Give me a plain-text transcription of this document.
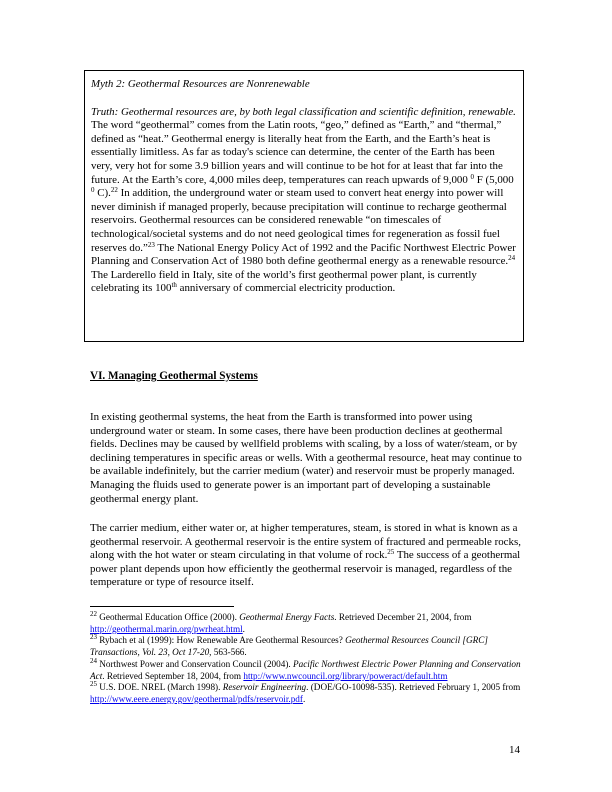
Myth 2: Geothermal Resources are Nonrenewable

Truth: Geothermal resources are, by both legal classification and scientific definition, renewable. The word “geothermal” comes from the Latin roots, “geo,” defined as “Earth,” and “thermal,” defined as “heat.” Geothermal energy is literally heat from the Earth, and the Earth’s heat is essentially limitless. As far as today's science can determine, the center of the Earth has been very, very hot for some 3.9 billion years and will continue to be hot for at least that far into the future. At the Earth’s core, 4,000 miles deep, temperatures can reach upwards of 9,000 $^0$ F (5,000 $^0$ C).$^{22}$ In addition, the underground water or steam used to convert heat energy into power will never diminish if managed properly, because precipitation will continue to recharge geothermal reservoirs. Geothermal resources can be considered renewable “on timescales of technological/societal systems and do not need geological times for regeneration as fossil fuel reserves do.”$^{23}$ The National Energy Policy Act of 1992 and the Pacific Northwest Electric Power Planning and Conservation Act of 1980 both define geothermal energy as a renewable resource.$^{24}$ The Larderello field in Italy, site of the world’s first geothermal power plant, is currently celebrating its 100th anniversary of commercial electricity production.

VI. Managing Geothermal Systems

In existing geothermal systems, the heat from the Earth is transformed into power using underground water or steam. In some cases, there have been production declines at geothermal fields. Declines may be caused by wellfield problems with scaling, by a loss of water/steam, or by declining temperatures in specific areas or wells. With a geothermal resource, heat may continue to be available indefinitely, but the carrier medium (water) and reservoir must be properly managed. Managing the fluids used to generate power is an important part of developing a sustainable geothermal energy plant.

The carrier medium, either water or, at higher temperatures, steam, is stored in what is known as a geothermal reservoir. A geothermal reservoir is the entire system of fractured and permeable rocks, along with the hot water or steam circulating in that volume of rock.$^{25}$ The success of a geothermal power plant depends upon how efficiently the geothermal reservoir is managed, regardless of the temperature or type of resource itself.

$^{22}$ Geothermal Education Office (2000). Geothermal Energy Facts. Retrieved December 21, 2004, from http://geothermal.marin.org/pwrheat.html.

$^{23}$ Rybach et al (1999): How Renewable Are Geothermal Resources? Geothermal Resources Council [GRC] Transactions, Vol. 23, Oct 17-20, 563-566.

$^{24}$ Northwest Power and Conservation Council (2004). Pacific Northwest Electric Power Planning and Conservation Act. Retrieved September 18, 2004, from http://www.nwcouncil.org/library/poweract/default.htm

$^{25}$ U.S. DOE. NREL (March 1998). Reservoir Engineering. (DOE/GO-10098-535). Retrieved February 1, 2005 from http://www.eere.energy.gov/geothermal/pdfs/reservoir.pdf.

14
